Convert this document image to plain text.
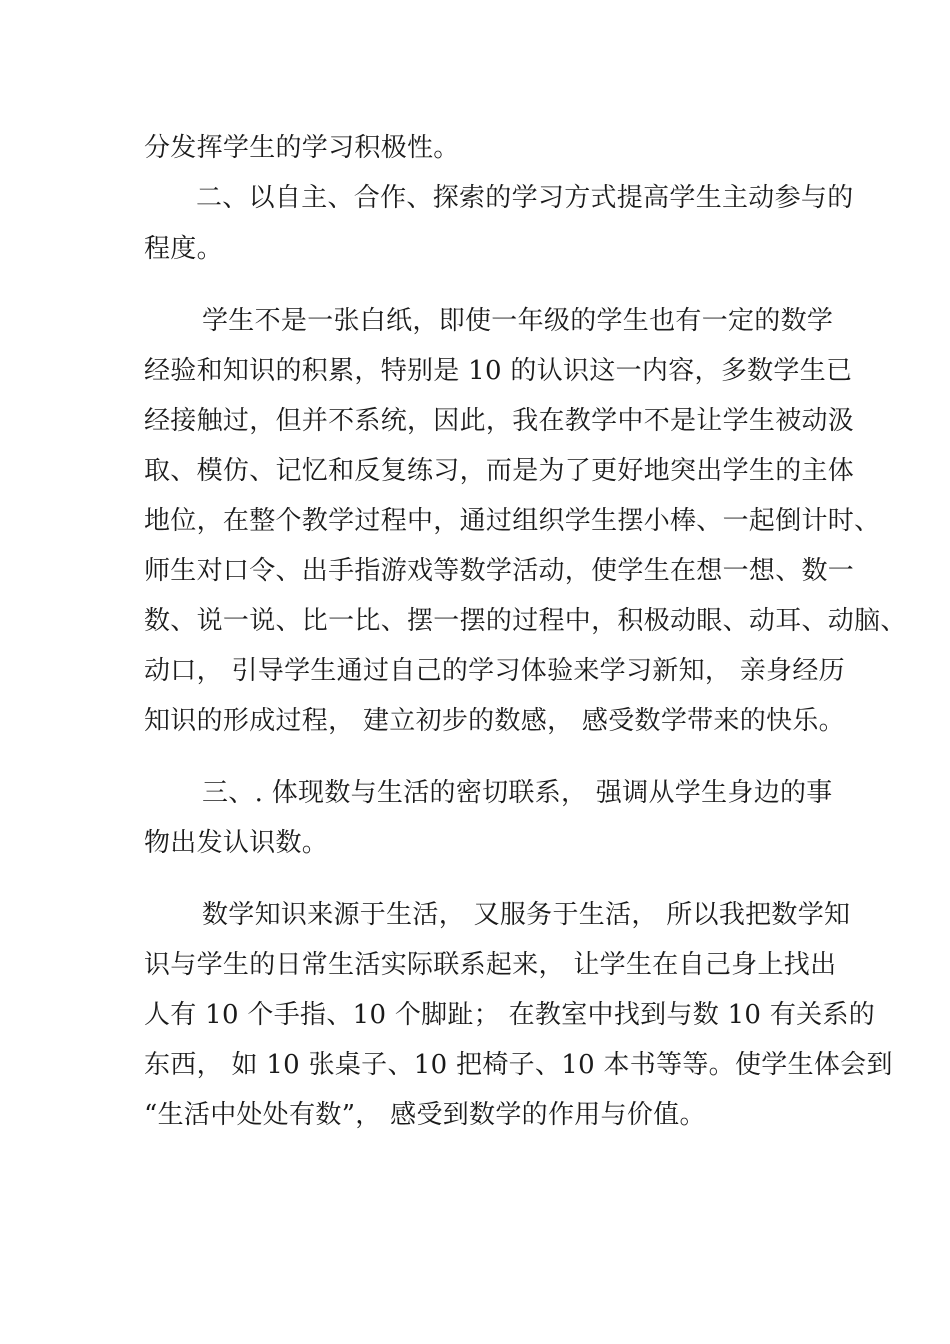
分发挥学生的学习积极性。
二、以自主、合作、探索的学习方式提高学生主动参与的
程度。
学生不是一张白纸，即使一年级的学生也有一定的数学
经验和知识的积累，特别是 10 的认识这一内容，多数学生已
经接触过，但并不系统，因此，我在教学中不是让学生被动汲
取、模仿、记忆和反复练习，而是为了更好地突出学生的主体
地位，在整个教学过程中，通过组织学生摆小棒、一起倒计时、
师生对口令、出手指游戏等数学活动，使学生在想一想、数一
数、说一说、比一比、摆一摆的过程中，积极动眼、动耳、动脑、
动口， 引导学生通过自己的学习体验来学习新知， 亲身经历
知识的形成过程， 建立初步的数感， 感受数学带来的快乐。
三、. 体现数与生活的密切联系， 强调从学生身边的事
物出发认识数。
数学知识来源于生活， 又服务于生活， 所以我把数学知
识与学生的日常生活实际联系起来， 让学生在自己身上找出
人有 10 个手指、10 个脚趾； 在教室中找到与数 10 有关系的
东西， 如 10 张桌子、10 把椅子、10 本书等等。使学生体会到
“生活中处处有数”， 感受到数学的作用与价值。
